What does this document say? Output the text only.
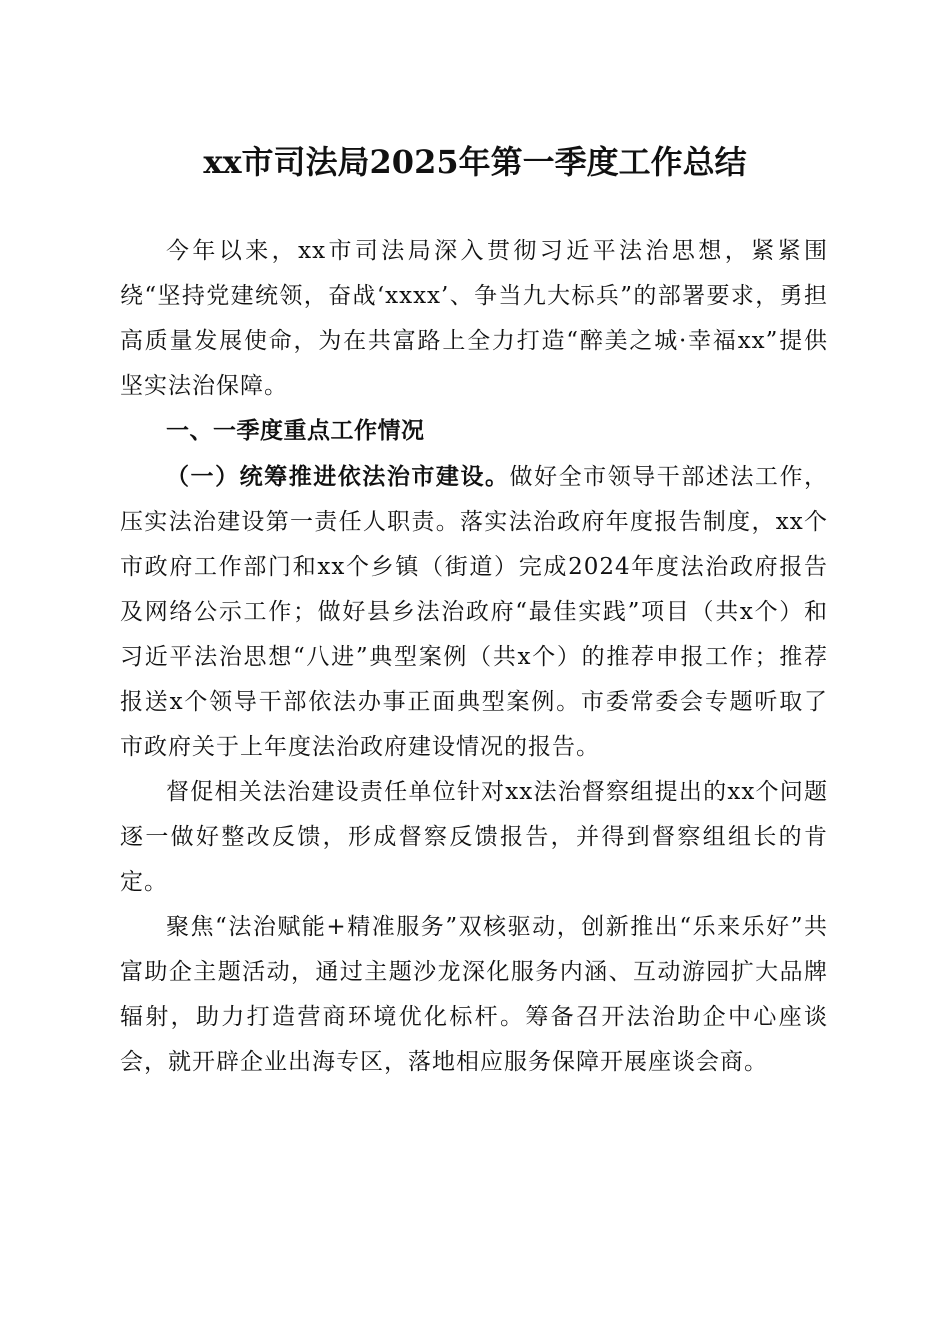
xx市司法局2025年第一季度工作总结

今年以来，xx市司法局深入贯彻习近平法治思想，紧紧围绕“坚持党建统领，奋战‘xxxx’、争当九大标兵”的部署要求，勇担高质量发展使命，为在共富路上全力打造“醉美之城·幸福xx”提供坚实法治保障。

一、一季度重点工作情况

（一）统筹推进依法治市建设。做好全市领导干部述法工作，压实法治建设第一责任人职责。落实法治政府年度报告制度，xx个市政府工作部门和xx个乡镇（街道）完成2024年度法治政府报告及网络公示工作；做好县乡法治政府“最佳实践”项目（共x个）和习近平法治思想“八进”典型案例（共x个）的推荐申报工作；推荐报送x个领导干部依法办事正面典型案例。市委常委会专题听取了市政府关于上年度法治政府建设情况的报告。

督促相关法治建设责任单位针对xx法治督察组提出的xx个问题逐一做好整改反馈，形成督察反馈报告，并得到督察组组长的肯定。

聚焦“法治赋能+精准服务”双核驱动，创新推出“乐来乐好”共富助企主题活动，通过主题沙龙深化服务内涵、互动游园扩大品牌辐射，助力打造营商环境优化标杆。筹备召开法治助企中心座谈会，就开辟企业出海专区，落地相应服务保障开展座谈会商。
